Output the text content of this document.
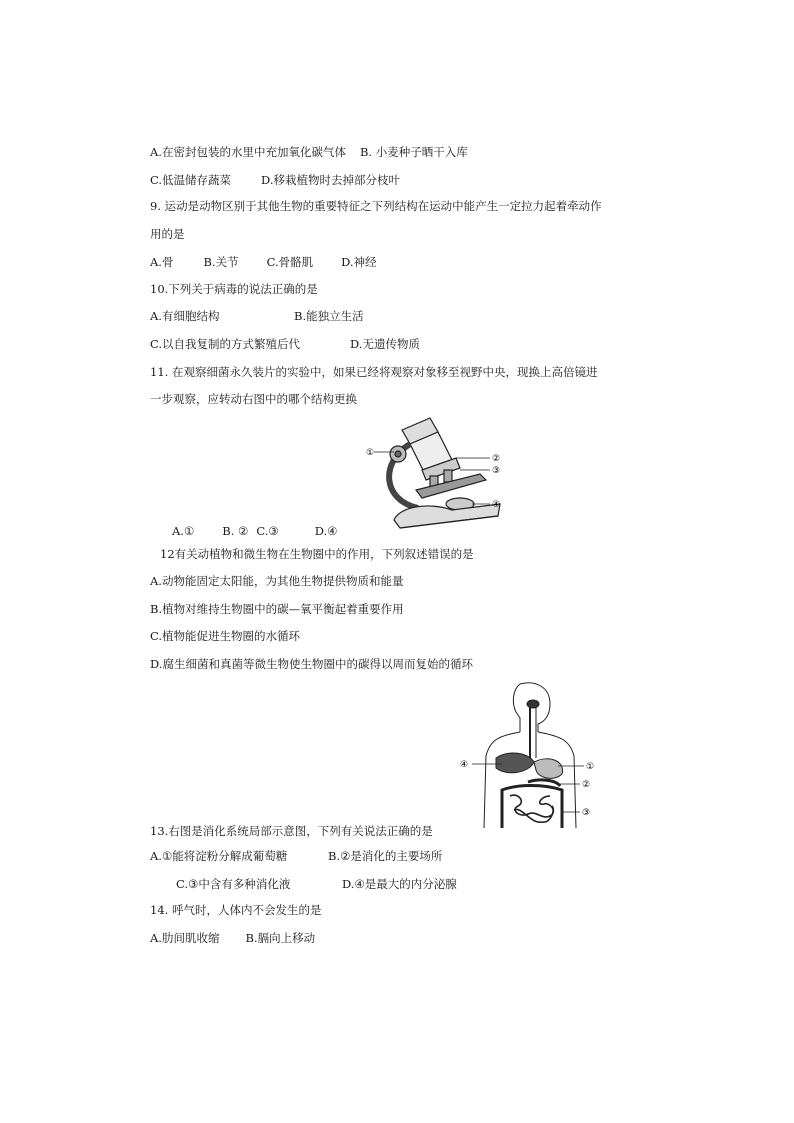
A.在密封包装的水里中充加氧化碳气体 B. 小麦种子晒干入库
C.低温储存蔬菜	D.移栽植物时去掉部分枝叶
9. 运动是动物区别于其他生物的重要特征之下列结构在运动中能产生一定拉力起着牵动作
用的是
A.骨	B.关节 C.骨骼肌 D.神经
10.下列关于病毒的说法正确的是
A.有细胞结构	B.能独立生活
C.以自我复制的方式繁殖后代	D.无遗传物质
11. 在观察细菌永久装片的实验中，如果已经将观察对象移至视野中央，现换上高倍镜进
一步观察，应转动右图中的哪个结构更换
①
②
③
④
A.① B. ② C.③	D.④
12有关动植物和微生物在生物圈中的作用，下列叙述错误的是
A.动物能固定太阳能，为其他生物提供物质和能量
B.植物对维持生物圈中的碳—氧平衡起着重要作用
C.植物能促进生物圈的水循环
D.腐生细菌和真菌等微生物使生物圈中的碳得以周而复始的循环
④	①
②
③
13.右图是消化系统局部示意图，下列有关说法正确的是
A.①能将淀粉分解成葡萄糖	B.②是消化的主要场所
C.③中含有多种消化液	D.④是最大的内分泌腺
14. 呼气时，人体内不会发生的是
A.肋间肌收缩 B.膈向上移动
